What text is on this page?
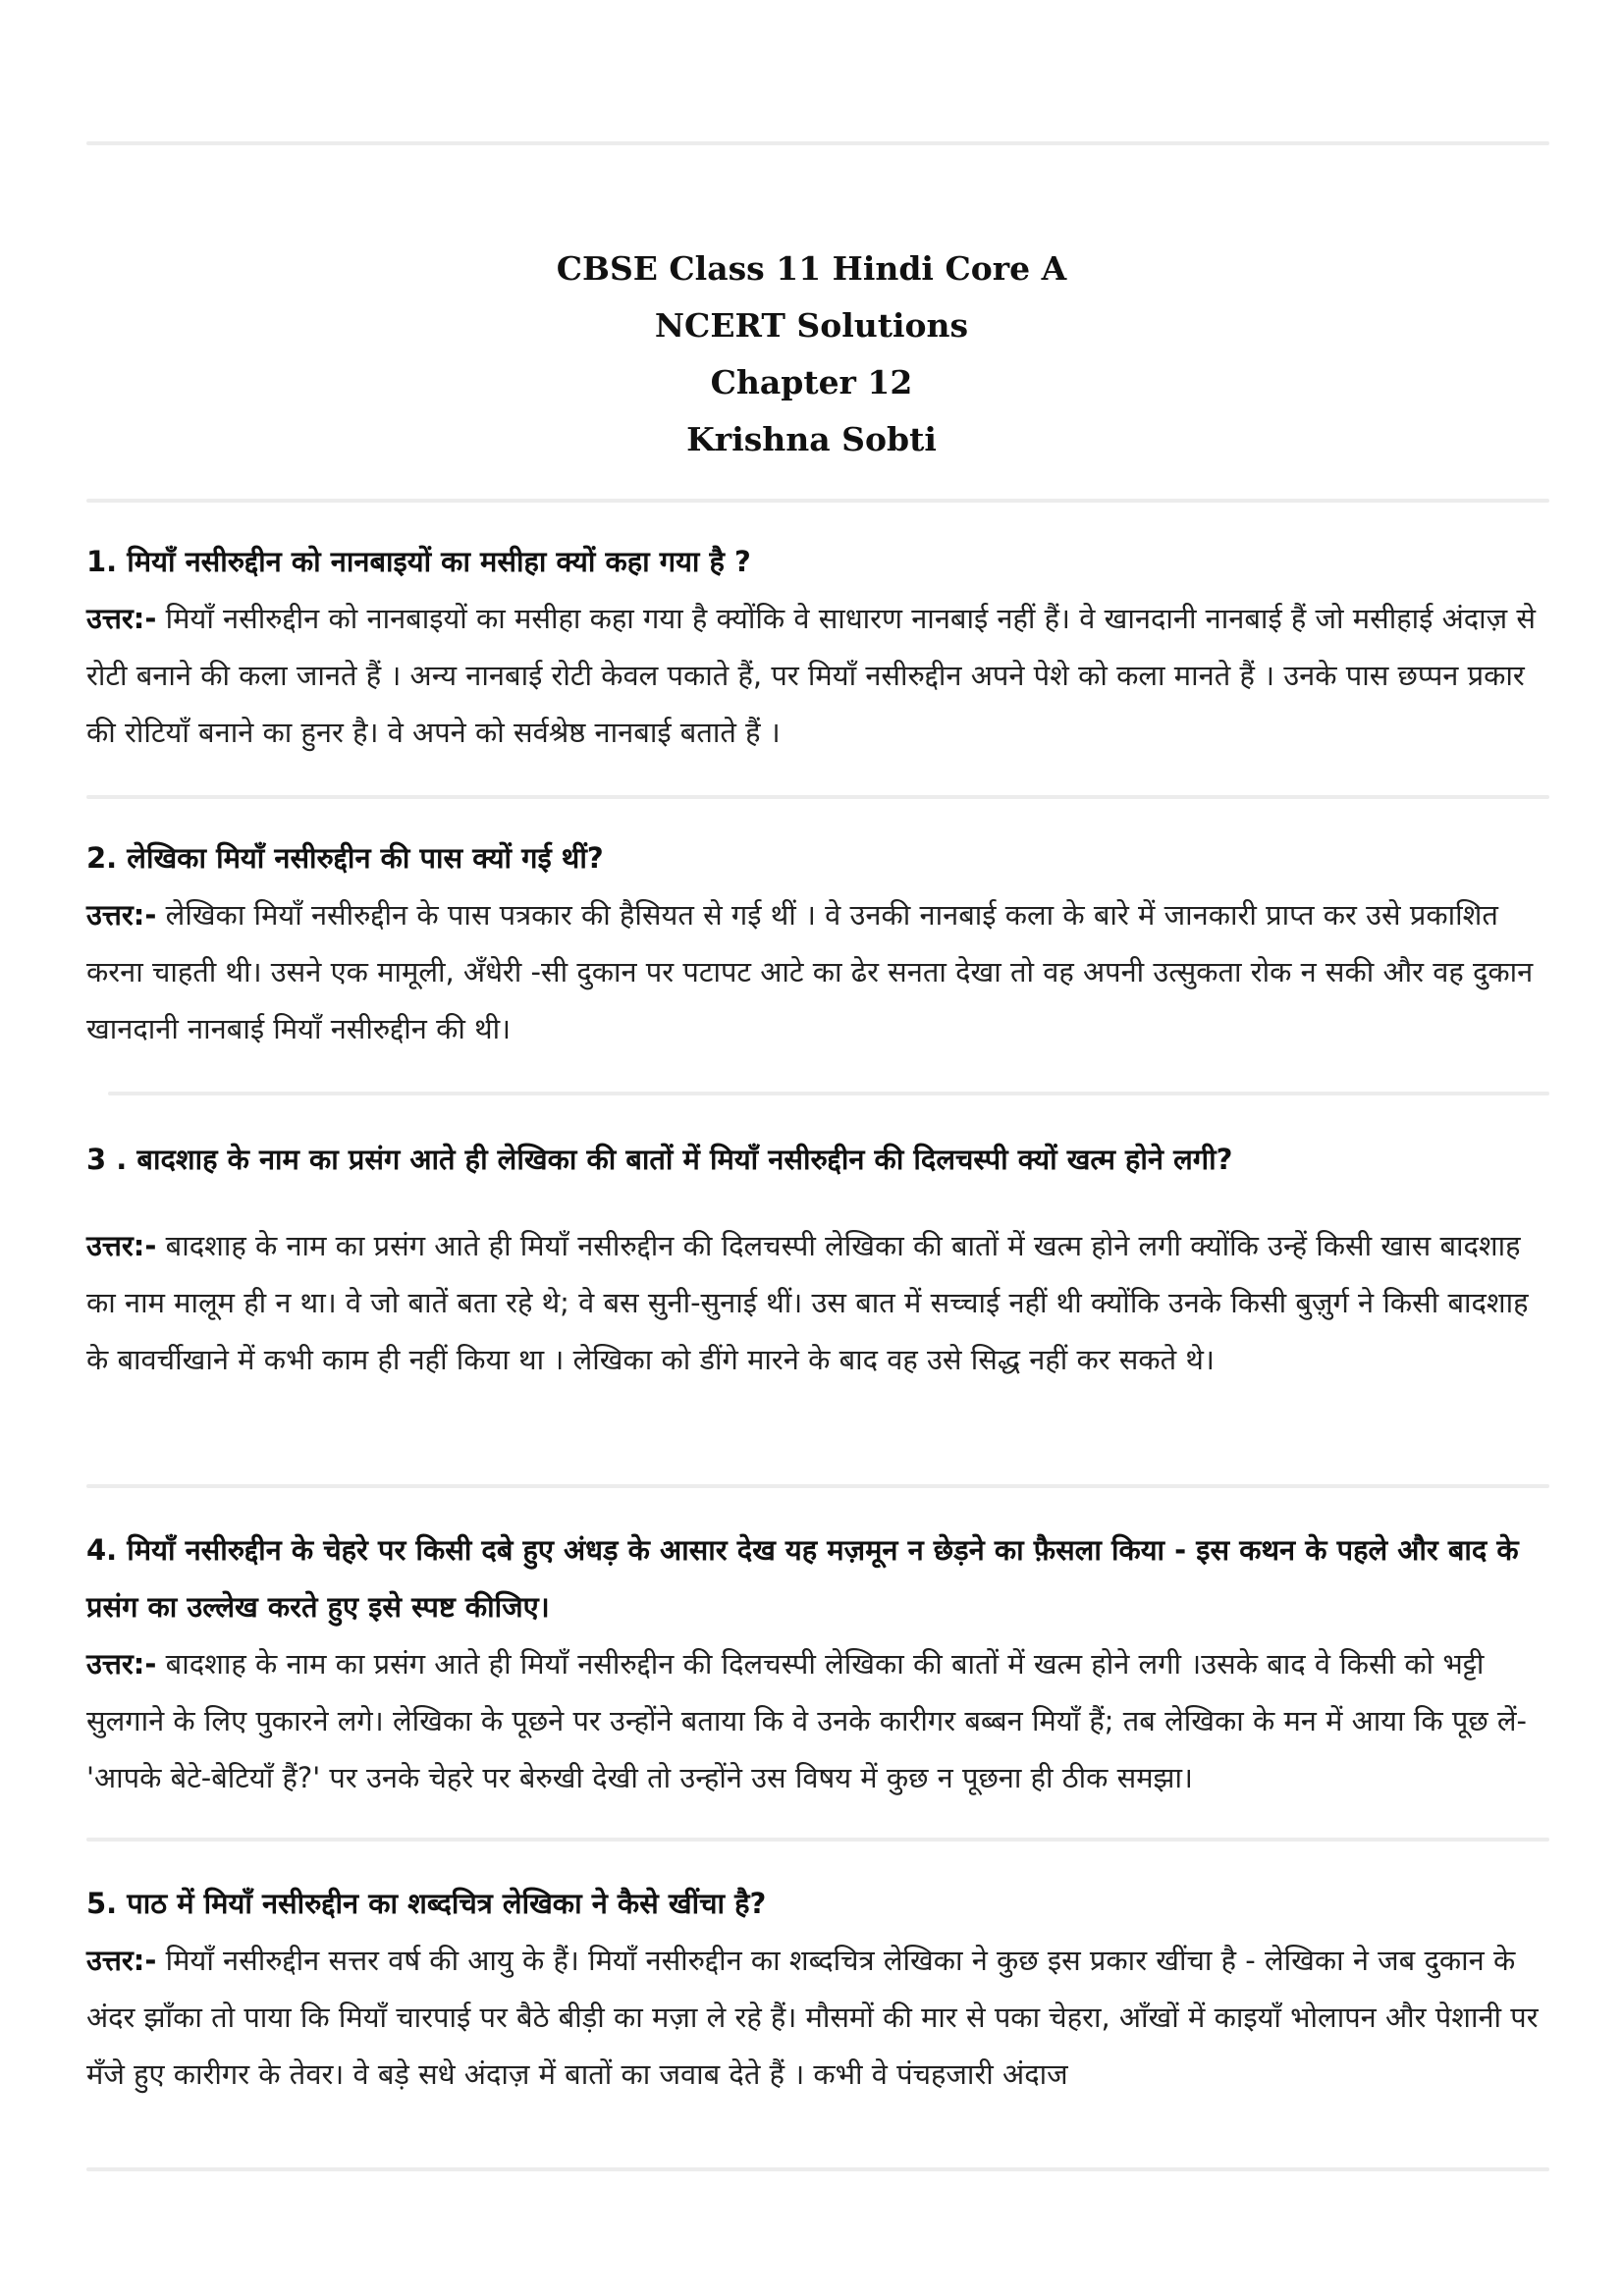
CBSE Class 11 Hindi Core A
NCERT Solutions
Chapter 12
Krishna Sobti

1. मियाँ नसीरुद्दीन को नानबाइयों का मसीहा क्यों कहा गया है ?

उत्तर:- मियाँ नसीरुद्दीन को नानबाइयों का मसीहा कहा गया है क्योंकि वे साधारण नानबाई नहीं हैं। वे खानदानी नानबाई हैं जो मसीहाई अंदाज़ से रोटी बनाने की कला जानते हैं । अन्य नानबाई रोटी केवल पकाते हैं, पर मियाँ नसीरुद्दीन अपने पेशे को कला मानते हैं । उनके पास छप्पन प्रकार की रोटियाँ बनाने का हुनर है। वे अपने को सर्वश्रेष्ठ नानबाई बताते हैं ।

2. लेखिका मियाँ नसीरुद्दीन की पास क्यों गई थीं?

उत्तर:- लेखिका मियाँ नसीरुद्दीन के पास पत्रकार की हैसियत से गई थीं । वे उनकी नानबाई कला के बारे में जानकारी प्राप्त कर उसे प्रकाशित करना चाहती थी। उसने एक मामूली, अँधेरी -सी दुकान पर पटापट आटे का ढेर सनता देखा तो वह अपनी उत्सुकता रोक न सकी और वह दुकान खानदानी नानबाई मियाँ नसीरुद्दीन की थी।

3 . बादशाह के नाम का प्रसंग आते ही लेखिका की बातों में मियाँ नसीरुद्दीन की दिलचस्पी क्यों खत्म होने लगी?

उत्तर:- बादशाह के नाम का प्रसंग आते ही मियाँ नसीरुद्दीन की दिलचस्पी लेखिका की बातों में खत्म होने लगी क्योंकि उन्हें किसी खास बादशाह का नाम मालूम ही न था। वे जो बातें बता रहे थे; वे बस सुनी-सुनाई थीं। उस बात में सच्चाई नहीं थी क्योंकि उनके किसी बुज़ुर्ग ने किसी बादशाह के बावर्चीखाने में कभी काम ही नहीं किया था । लेखिका को डींगे मारने के बाद वह उसे सिद्ध नहीं कर सकते थे।

4. मियाँ नसीरुद्दीन के चेहरे पर किसी दबे हुए अंधड़ के आसार देख यह मज़मून न छेड़ने का फ़ैसला किया - इस कथन के पहले और बाद के प्रसंग का उल्लेख करते हुए इसे स्पष्ट कीजिए।

उत्तर:- बादशाह के नाम का प्रसंग आते ही मियाँ नसीरुद्दीन की दिलचस्पी लेखिका की बातों में खत्म होने लगी ।उसके बाद वे किसी को भट्टी सुलगाने के लिए पुकारने लगे। लेखिका के पूछने पर उन्होंने बताया कि वे उनके कारीगर बब्बन मियाँ हैं; तब लेखिका के मन में आया कि पूछ लें-'आपके बेटे-बेटियाँ हैं?' पर उनके चेहरे पर बेरुखी देखी तो उन्होंने उस विषय में कुछ न पूछना ही ठीक समझा।

5. पाठ में मियाँ नसीरुद्दीन का शब्दचित्र लेखिका ने कैसे खींचा है?

उत्तर:- मियाँ नसीरुद्दीन सत्तर वर्ष की आयु के हैं। मियाँ नसीरुद्दीन का शब्दचित्र लेखिका ने कुछ इस प्रकार खींचा है - लेखिका ने जब दुकान के अंदर झाँका तो पाया कि मियाँ चारपाई पर बैठे बीड़ी का मज़ा ले रहे हैं। मौसमों की मार से पका चेहरा, आँखों में काइयाँ भोलापन और पेशानी पर मँजे हुए कारीगर के तेवर। वे बड़े सधे अंदाज़ में बातों का जवाब देते हैं । कभी वे पंचहजारी अंदाज
